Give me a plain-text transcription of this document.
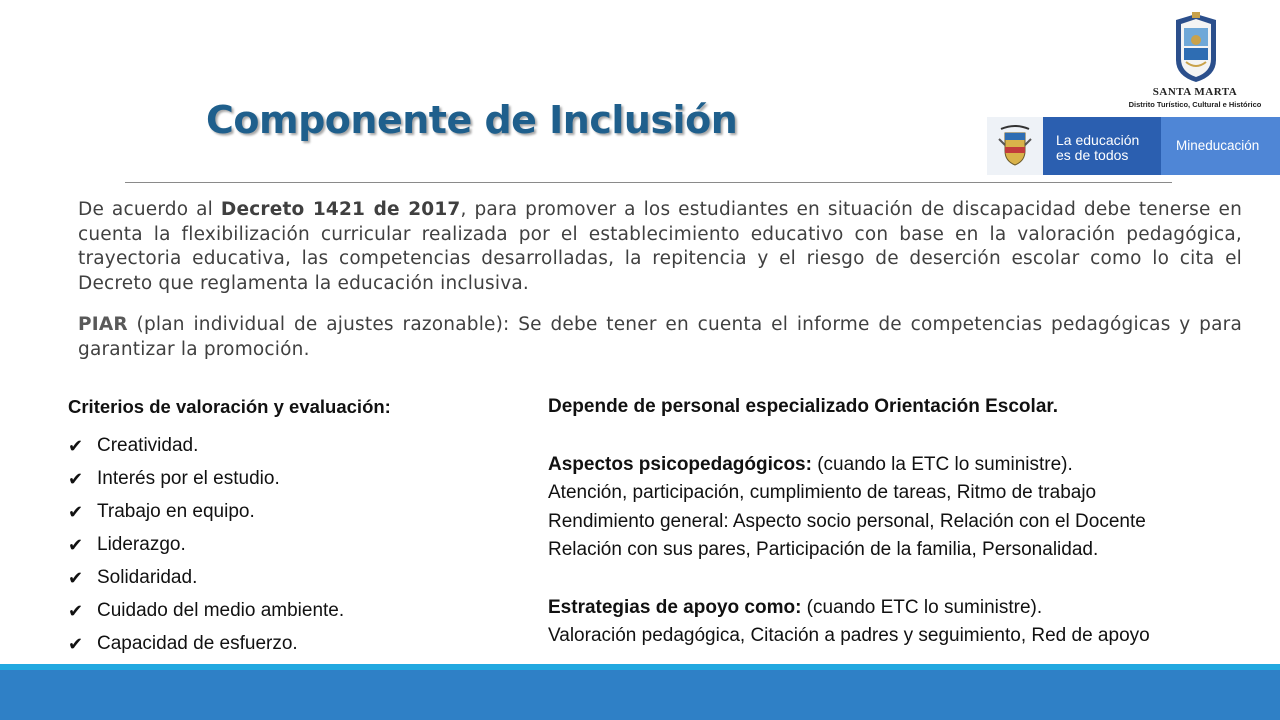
Componente de Inclusión
SANTA MARTA
Distrito Turístico, Cultural e Histórico
La educación
es de todos
Mineducación

De acuerdo al Decreto 1421 de 2017, para promover a los estudiantes en situación de discapacidad debe tenerse en cuenta la flexibilización curricular realizada por el establecimiento educativo con base en la valoración pedagógica, trayectoria educativa, las competencias desarrolladas, la repitencia y el riesgo de deserción escolar como lo cita el Decreto que reglamenta la educación inclusiva.

PIAR (plan individual de ajustes razonable): Se debe tener en cuenta el informe de competencias pedagógicas y para garantizar la promoción.

Criterios de valoración y evaluación:
✔ Creatividad.
✔ Interés por el estudio.
✔ Trabajo en equipo.
✔ Liderazgo.
✔ Solidaridad.
✔ Cuidado del medio ambiente.
✔ Capacidad de esfuerzo.
Depende de personal especializado Orientación Escolar.
Aspectos psicopedagógicos: (cuando la ETC lo suministre).
Atención, participación, cumplimiento de tareas, Ritmo de trabajo
Rendimiento general: Aspecto socio personal, Relación con el Docente
Relación con sus pares, Participación de la familia, Personalidad.
Estrategias de apoyo como: (cuando ETC lo suministre).
Valoración pedagógica, Citación a padres y seguimiento, Red de apoyo
